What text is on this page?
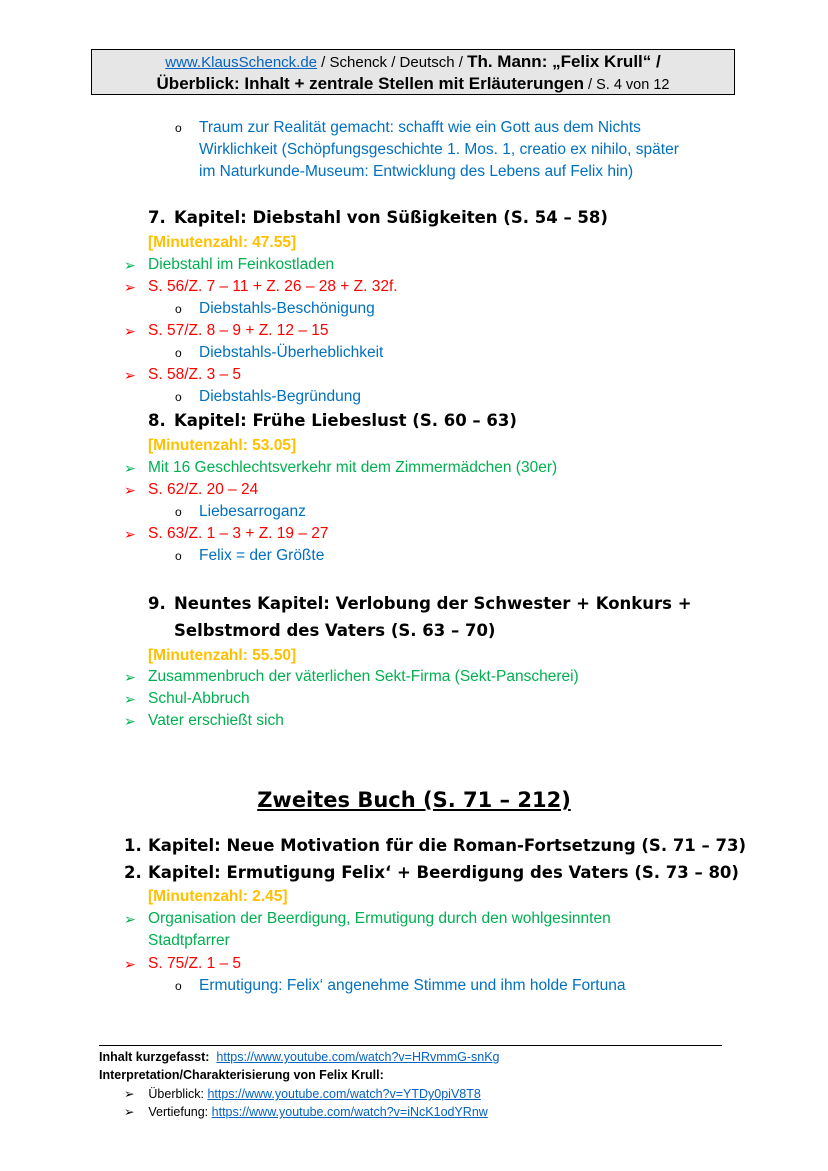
www.KlausSchenck.de / Schenck / Deutsch / Th. Mann: „Felix Krull“ /
Überblick: Inhalt + zentrale Stellen mit Erläuterungen / S. 4 von 12
o Traum zur Realität gemacht: schafft wie ein Gott aus dem Nichts
Wirklichkeit (Schöpfungsgeschichte 1. Mos. 1, creatio ex nihilo, später
im Naturkunde-Museum: Entwicklung des Lebens auf Felix hin)
7. Kapitel: Diebstahl von Süßigkeiten (S. 54 – 58)
[Minutenzahl: 47.55]
➢ Diebstahl im Feinkostladen
➢ S. 56/Z. 7 – 11 + Z. 26 – 28 + Z. 32f.
o Diebstahls-Beschönigung
➢ S. 57/Z. 8 – 9 + Z. 12 – 15
o Diebstahls-Überheblichkeit
➢ S. 58/Z. 3 – 5
o Diebstahls-Begründung
8. Kapitel: Frühe Liebeslust (S. 60 – 63)
[Minutenzahl: 53.05]
➢ Mit 16 Geschlechtsverkehr mit dem Zimmermädchen (30er)
➢ S. 62/Z. 20 – 24
o Liebesarroganz
➢ S. 63/Z. 1 – 3 + Z. 19 – 27
o Felix = der Größte
9. Neuntes Kapitel: Verlobung der Schwester + Konkurs +
Selbstmord des Vaters (S. 63 – 70)
[Minutenzahl: 55.50]
➢ Zusammenbruch der väterlichen Sekt-Firma (Sekt-Panscherei)
➢ Schul-Abbruch
➢ Vater erschießt sich
Zweites Buch (S. 71 – 212)
1. Kapitel: Neue Motivation für die Roman-Fortsetzung (S. 71 – 73)
2. Kapitel: Ermutigung Felix‘ + Beerdigung des Vaters (S. 73 – 80)
[Minutenzahl: 2.45]
➢ Organisation der Beerdigung, Ermutigung durch den wohlgesinnten
Stadtpfarrer
➢ S. 75/Z. 1 – 5
o Ermutigung: Felix‘ angenehme Stimme und ihm holde Fortuna
Inhalt kurzgefasst: https://www.youtube.com/watch?v=HRvmmG-snKg
Interpretation/Charakterisierung von Felix Krull:
➢ Überblick: https://www.youtube.com/watch?v=YTDy0piV8T8
➢ Vertiefung: https://www.youtube.com/watch?v=iNcK1odYRnw
